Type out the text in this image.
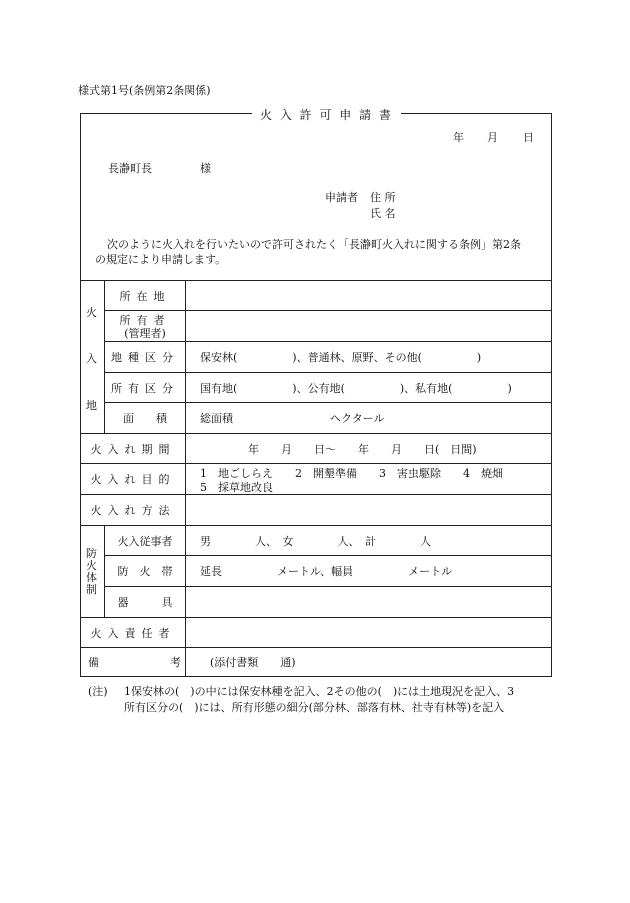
様式第1号(条例第2条関係)
火 入 許 可 申 請 書
年 月 日
長瀞町長	様
申請者 住 所
氏 名
次のように火入れを行いたいので許可されたく「長瀞町火入れに関する条例」第2条
の規定により申請します。
火
入
地
所在地
所有者
(管理者)
地種区分	保安林(　　　　　)、普通林、原野、その他(　　　　　)
所有区分	国有地(　　　　　)、公有地(　　　　　)、私有地(　　　　　)
面　　積	総面積	ヘクタール
火入れ期間	年　　月　　日〜　　年　　月　　日(　日間)
火入れ目的	1　地ごしらえ　　2　開墾準備　　3　害虫駆除　　4　焼畑
5　採草地改良
火入れ方法
防
火
体
制
火入従事者	男　　　　人、　女　　　　人、　計　　　　人
防　火　帯	延長　　　　　メートル、幅員　　　　　メートル
器　　　具
火入責任者
備	考	(添付書類　　通)
(注) 1保安林の(　)の中には保安林種を記入、2その他の(　)には土地現況を記入、3
所有区分の(　)には、所有形態の細分(部分林、部落有林、社寺有林等)を記入
